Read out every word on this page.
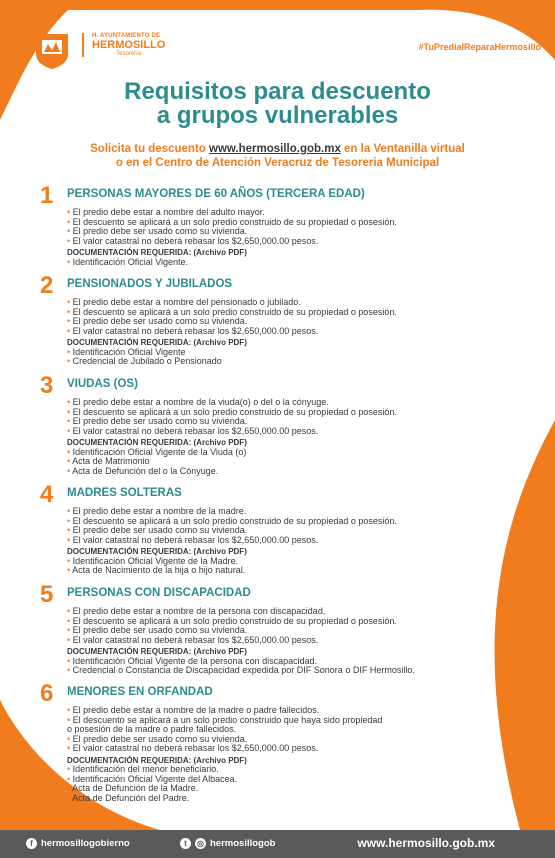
H. AYUNTAMIENTO DE
HERMOSILLO
Tesorería
#TuPredialReparaHermosillo
Requisitos para descuento
a grupos vulnerables
Solicita tu descuento www.hermosillo.gob.mx en la Ventanilla virtual
o en el Centro de Atención Veracruz de Tesoreria Municipal
1 PERSONAS MAYORES DE 60 AÑOS (TERCERA EDAD)
• El predio debe estar a nombre del adulto mayor.
• El descuento se aplicará a un solo predio construido de su propiedad o posesión.
• El predio debe ser usado como su vivienda.
• El valor catastral no deberá rebasar los $2,650,000.00 pesos.
DOCUMENTACIÓN REQUERIDA: (Archivo PDF)
• Identificación Oficial Vigente.
2 PENSIONADOS Y JUBILADOS
• El predio debe estar a nombre del pensionado o jubilado.
• El descuento se aplicará a un solo predio construido de su propiedad o posesión.
• El predio debe ser usado como su vivienda.
• El valor catastral no deberá rebasar los $2,650,000.00 pesos.
DOCUMENTACIÓN REQUERIDA: (Archivo PDF)
• Identificación Oficial Vigente
• Credencial de Jubilado o Pensionado
3 VIUDAS (OS)
• El predio debe estar a nombre de la viuda(o) o del o la cónyuge.
• El descuento se aplicará a un solo predio construido de su propiedad o posesión.
• El predio debe ser usado como su vivienda.
• El valor catastral no deberá rebasar los $2,650,000.00 pesos.
DOCUMENTACIÓN REQUERIDA: (Archivo PDF)
• Identificación Oficial Vigente de la Viuda (o)
• Acta de Matrimonio
• Acta de Defunción del o la Cónyuge.
4 MADRES SOLTERAS
• El predio debe estar a nombre de la madre.
• El descuento se aplicará a un solo predio construido de su propiedad o posesión.
• El predio debe ser usado como su vivienda.
• El valor catastral no deberá rebasar los $2,650,000.00 pesos.
DOCUMENTACIÓN REQUERIDA: (Archivo PDF)
• Identificación Oficial Vigente de la Madre.
• Acta de Nacimiento de la hija o hijo natural.
5 PERSONAS CON DISCAPACIDAD
• El predio debe estar a nombre de la persona con discapacidad.
• El descuento se aplicará a un solo predio construido de su propiedad o posesión.
• El predio debe ser usado como su vivienda.
• El valor catastral no deberá rebasar los $2,650,000.00 pesos.
DOCUMENTACIÓN REQUERIDA: (Archivo PDF)
• Identificación Oficial Vigente de la persona con discapacidad.
• Credencial o Constancia de Discapacidad expedida por DIF Sonora o DIF Hermosillo.
6 MENORES EN ORFANDAD
• El predio debe estar a nombre de la madre o padre fallecidos.
• El descuento se aplicará a un solo predio construido que haya sido propiedad
o posesión de la madre o padre fallecidos.
• El predio debe ser usado como su vivienda.
• El valor catastral no deberá rebasar los $2,650,000.00 pesos.
DOCUMENTACIÓN REQUERIDA: (Archivo PDF)
• Identificación del menor beneficiario.
• Identificación Oficial Vigente del Albacea.
• Acta de Defunción de la Madre.
• Acta de Defunción del Padre.
f hermosillogobierno	t	◎ hermosillogob	www.hermosillo.gob.mx
